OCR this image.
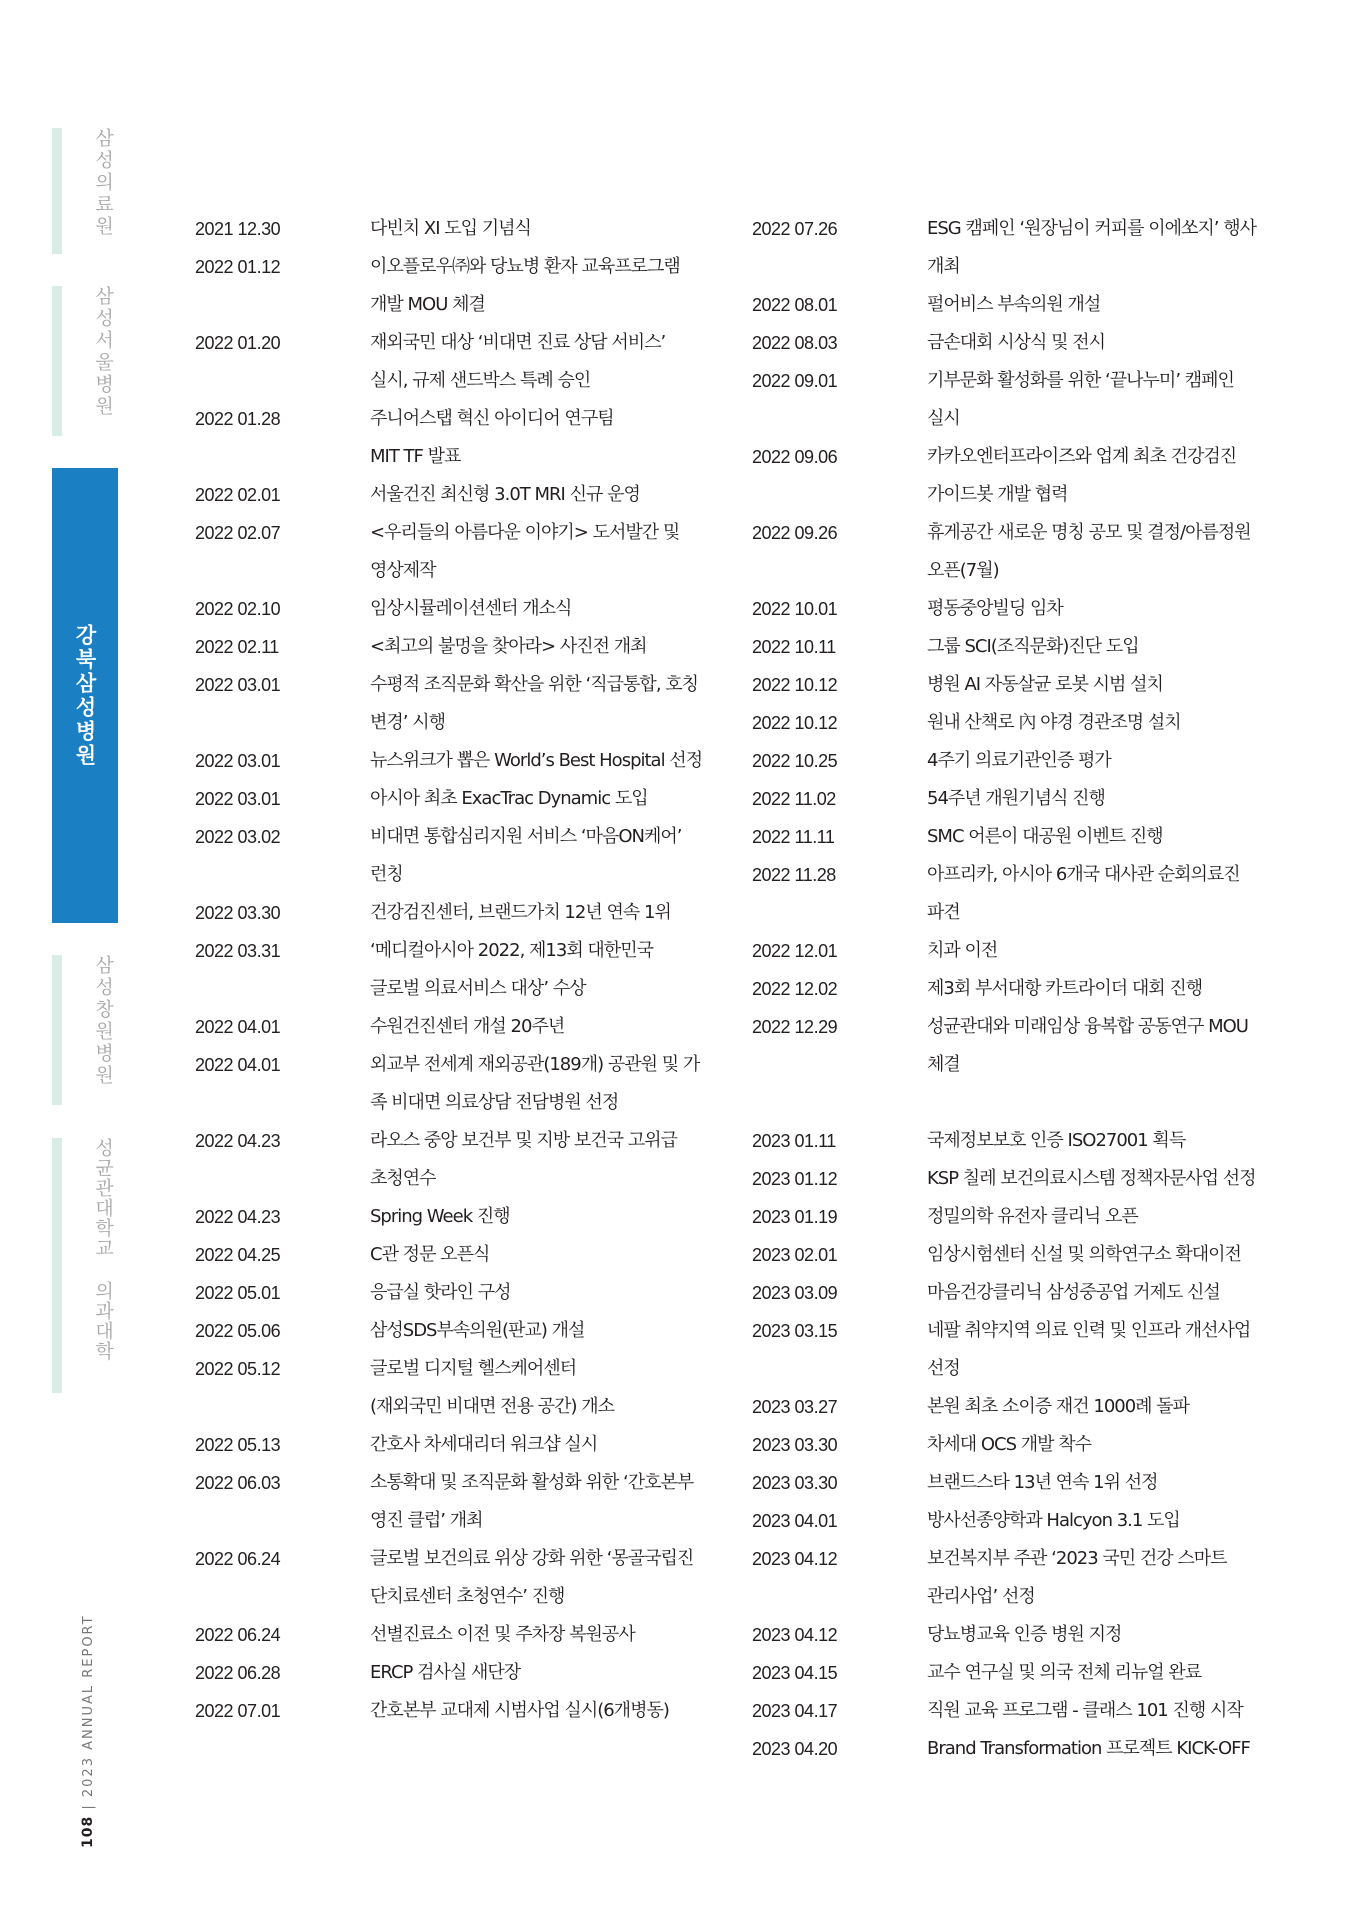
삼성의료원
삼성서울병원
강북삼성병원
삼성창원병원
성균관대학교 의과대학
108 | 2023 ANNUAL REPORT
2021 12.30	다빈치 XI 도입 기념식
2022 01.12	이오플로우㈜와 당뇨병 환자 교육프로그램
개발 MOU 체결
2022 01.20	재외국민 대상 ‘비대면 진료 상담 서비스’
실시, 규제 샌드박스 특례 승인
2022 01.28	주니어스탭 혁신 아이디어 연구팀
MIT TF 발표
2022 02.01	서울건진 최신형 3.0T MRI 신규 운영
2022 02.07	<우리들의 아름다운 이야기> 도서발간 및
영상제작
2022 02.10	임상시뮬레이션센터 개소식
2022 02.11	<최고의 불멍을 찾아라> 사진전 개최
2022 03.01	수평적 조직문화 확산을 위한 ‘직급통합, 호칭
변경’ 시행
2022 03.01	뉴스위크가 뽑은 World’s Best Hospital 선정
2022 03.01	아시아 최초 ExacTrac Dynamic 도입
2022 03.02	비대면 통합심리지원 서비스 ‘마음ON케어’
런칭
2022 03.30	건강검진센터, 브랜드가치 12년 연속 1위
2022 03.31	‘메디컬아시아 2022, 제13회 대한민국
글로벌 의료서비스 대상’ 수상
2022 04.01	수원건진센터 개설 20주년
2022 04.01	외교부 전세계 재외공관(189개) 공관원 및 가
족 비대면 의료상담 전담병원 선정
2022 04.23	라오스 중앙 보건부 및 지방 보건국 고위급
초청연수
2022 04.23	Spring Week 진행
2022 04.25	C관 정문 오픈식
2022 05.01	응급실 핫라인 구성
2022 05.06	삼성SDS부속의원(판교) 개설
2022 05.12	글로벌 디지털 헬스케어센터
(재외국민 비대면 전용 공간) 개소
2022 05.13	간호사 차세대리더 워크샵 실시
2022 06.03	소통확대 및 조직문화 활성화 위한 ‘간호본부
영진 클럽’ 개최
2022 06.24	글로벌 보건의료 위상 강화 위한 ‘몽골국립진
단치료센터 초청연수’ 진행
2022 06.24	선별진료소 이전 및 주차장 복원공사
2022 06.28	ERCP 검사실 새단장
2022 07.01	간호본부 교대제 시범사업 실시(6개병동)
2022 07.26	ESG 캠페인 ‘원장님이 커피를 이에쏘지’ 행사
개최
2022 08.01	펄어비스 부속의원 개설
2022 08.03	금손대회 시상식 및 전시
2022 09.01	기부문화 활성화를 위한 ‘끝나누미’ 캠페인
실시
2022 09.06	카카오엔터프라이즈와 업계 최초 건강검진
가이드봇 개발 협력
2022 09.26	휴게공간 새로운 명칭 공모 및 결정/아름정원
오픈(7월)
2022 10.01	평동중앙빌딩 임차
2022 10.11	그룹 SCI(조직문화)진단 도입
2022 10.12	병원 AI 자동살균 로봇 시범 설치
2022 10.12	원내 산책로 內 야경 경관조명 설치
2022 10.25	4주기 의료기관인증 평가
2022 11.02	54주년 개원기념식 진행
2022 11.11	SMC 어른이 대공원 이벤트 진행
2022 11.28	아프리카, 아시아 6개국 대사관 순회의료진
파견
2022 12.01	치과 이전
2022 12.02	제3회 부서대항 카트라이더 대회 진행
2022 12.29	성균관대와 미래임상 융복합 공동연구 MOU
체결
2023 01.11	국제정보보호 인증 ISO27001 획득
2023 01.12	KSP 칠레 보건의료시스템 정책자문사업 선정
2023 01.19	정밀의학 유전자 클리닉 오픈
2023 02.01	임상시험센터 신설 및 의학연구소 확대이전
2023 03.09	마음건강클리닉 삼성중공업 거제도 신설
2023 03.15	네팔 취약지역 의료 인력 및 인프라 개선사업
선정
2023 03.27	본원 최초 소이증 재건 1000례 돌파
2023 03.30	차세대 OCS 개발 착수
2023 03.30	브랜드스타 13년 연속 1위 선정
2023 04.01	방사선종양학과 Halcyon 3.1 도입
2023 04.12	보건복지부 주관 ‘2023 국민 건강 스마트
관리사업’ 선정
2023 04.12	당뇨병교육 인증 병원 지정
2023 04.15	교수 연구실 및 의국 전체 리뉴얼 완료
2023 04.17	직원 교육 프로그램 - 클래스 101 진행 시작
2023 04.20	Brand Transformation 프로젝트 KICK-OFF
